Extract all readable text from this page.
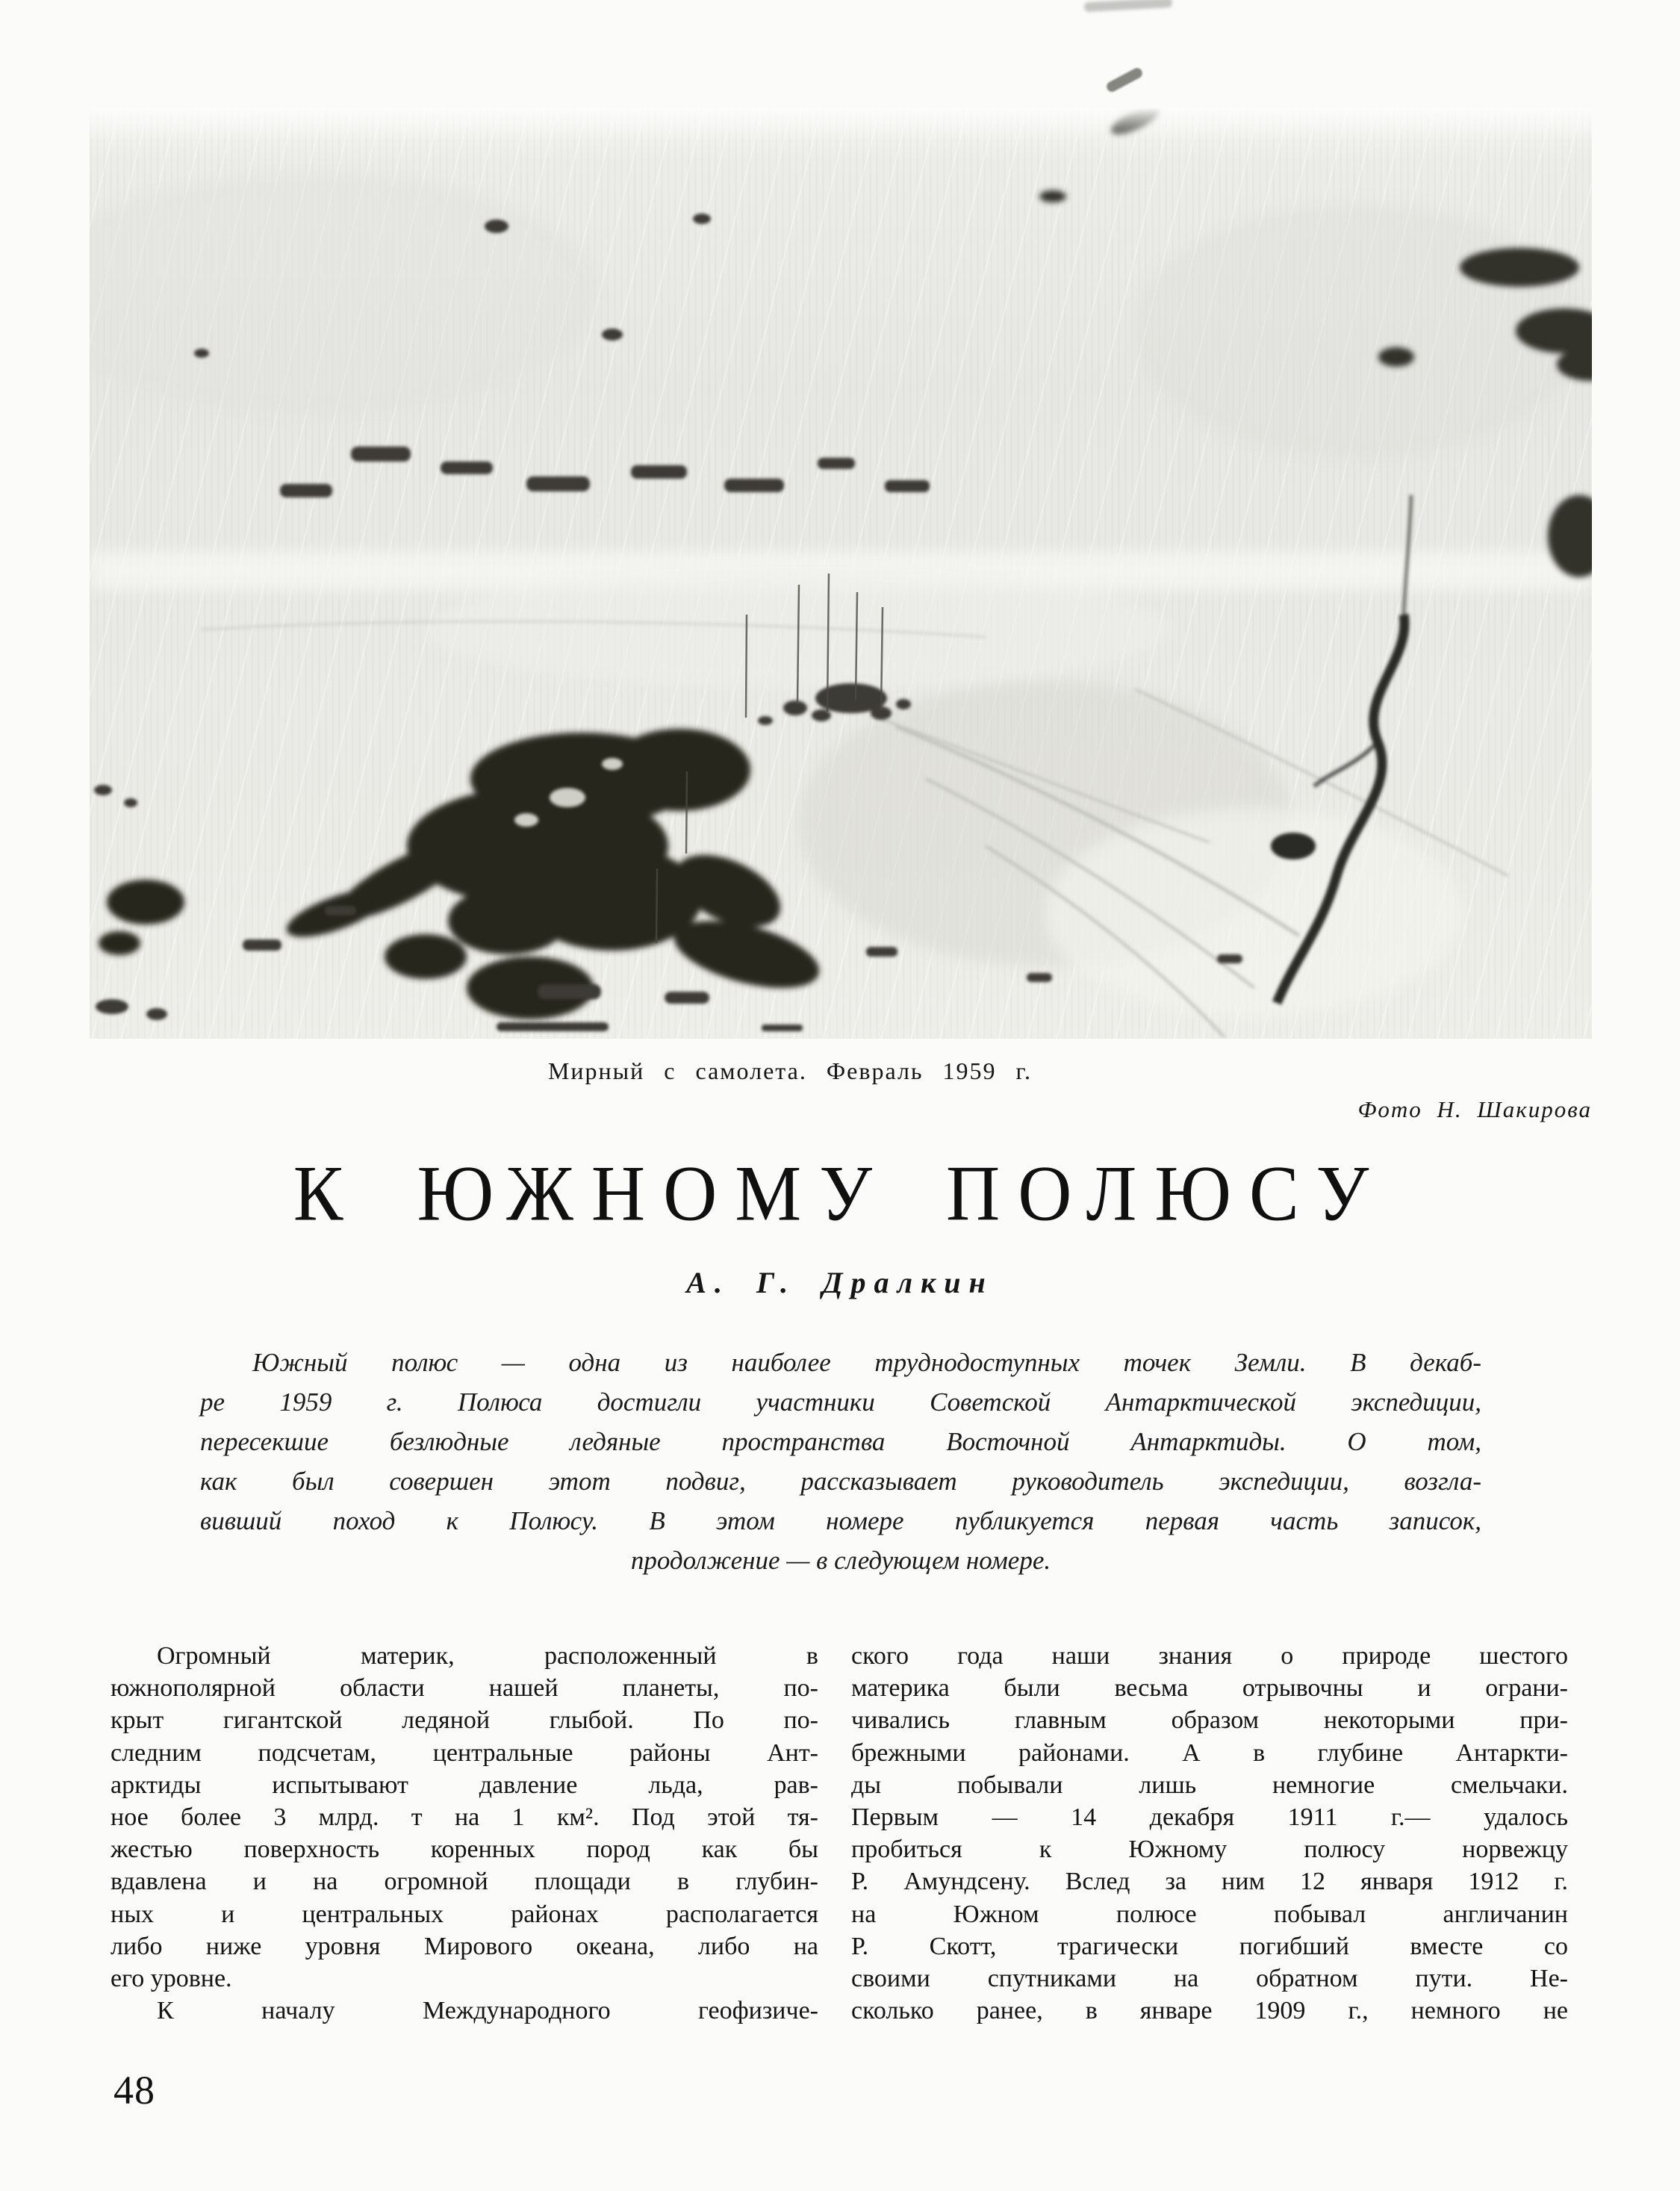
Мирный с самолета. Февраль 1959 г.
Фото Н. Шакирова
К ЮЖНОМУ ПОЛЮСУ
А. Г. Дралкин
Южный полюс — одна из наиболее труднодоступных точек Земли. В декаб-
ре 1959 г. Полюса достигли участники Советской Антарктической экспедиции,
пересекшие безлюдные ледяные пространства Восточной Антарктиды. О том,
как был совершен этот подвиг, рассказывает руководитель экспедиции, возгла-
вивший поход к Полюсу. В этом номере публикуется первая часть записок,
продолжение — в следующем номере.
Огромный материк, расположенный в
южнополярной области нашей планеты, по-
крыт гигантской ледяной глыбой. По по-
следним подсчетам, центральные районы Ант-
арктиды испытывают давление льда, рав-
ное более 3 млрд. т на 1 км². Под этой тя-
жестью поверхность коренных пород как бы
вдавлена и на огромной площади в глубин-
ных и центральных районах располагается
либо ниже уровня Мирового океана, либо на
его уровне.
К началу Международного геофизиче-
ского года наши знания о природе шестого
материка были весьма отрывочны и ограни-
чивались главным образом некоторыми при-
брежными районами. А в глубине Антаркти-
ды побывали лишь немногие смельчаки.
Первым — 14 декабря 1911 г.— удалось
пробиться к Южному полюсу норвежцу
Р. Амундсену. Вслед за ним 12 января 1912 г.
на Южном полюсе побывал англичанин
Р. Скотт, трагически погибший вместе со
своими спутниками на обратном пути. Не-
сколько ранее, в январе 1909 г., немного не
48
